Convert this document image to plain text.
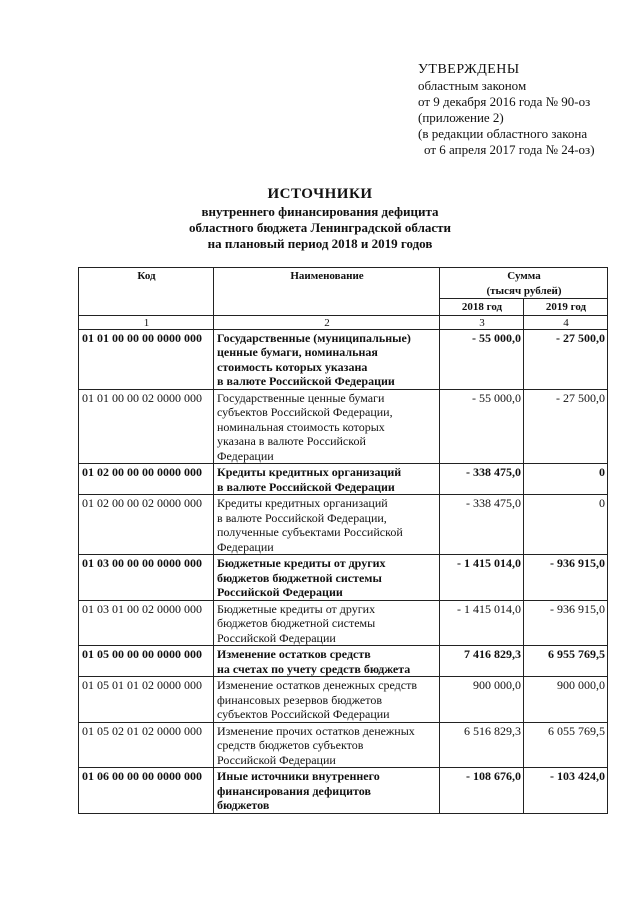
УТВЕРЖДЕНЫ
областным законом
от 9 декабря 2016 года № 90-оз
(приложение 2)
(в редакции областного закона
от 6 апреля 2017 года № 24-оз)
ИСТОЧНИКИ
внутреннего финансирования дефицита
областного бюджета Ленинградской области
на плановый период 2018 и 2019 годов
Код	Наименование	Сумма
(тысяч рублей)	

		2018 год	2019 год
1	2	3	4
01 01 00 00 00 0000 000	Государственные (муниципальные)
ценные бумаги, номинальная
стоимость которых указана
в валюте Российской Федерации	- 55 000,0	- 27 500,0
01 01 00 00 02 0000 000	Государственные ценные бумаги
субъектов Российской Федерации,
номинальная стоимость которых
указана в валюте Российской
Федерации	- 55 000,0	- 27 500,0
01 02 00 00 00 0000 000	Кредиты кредитных организаций
в валюте Российской Федерации	- 338 475,0	0
01 02 00 00 02 0000 000	Кредиты кредитных организаций
в валюте Российской Федерации,
полученные субъектами Российской
Федерации	- 338 475,0	0
01 03 00 00 00 0000 000	Бюджетные кредиты от других
бюджетов бюджетной системы
Российской Федерации	- 1 415 014,0	- 936 915,0
01 03 01 00 02 0000 000	Бюджетные кредиты от других
бюджетов бюджетной системы
Российской Федерации	- 1 415 014,0	- 936 915,0
01 05 00 00 00 0000 000	Изменение остатков средств
на счетах по учету средств бюджета	7 416 829,3	6 955 769,5
01 05 01 01 02 0000 000	Изменение остатков денежных средств
финансовых резервов бюджетов
субъектов Российской Федерации	900 000,0	900 000,0
01 05 02 01 02 0000 000	Изменение прочих остатков денежных
средств бюджетов субъектов
Российской Федерации	6 516 829,3	6 055 769,5
01 06 00 00 00 0000 000	Иные источники внутреннего
финансирования дефицитов
бюджетов	- 108 676,0	- 103 424,0
